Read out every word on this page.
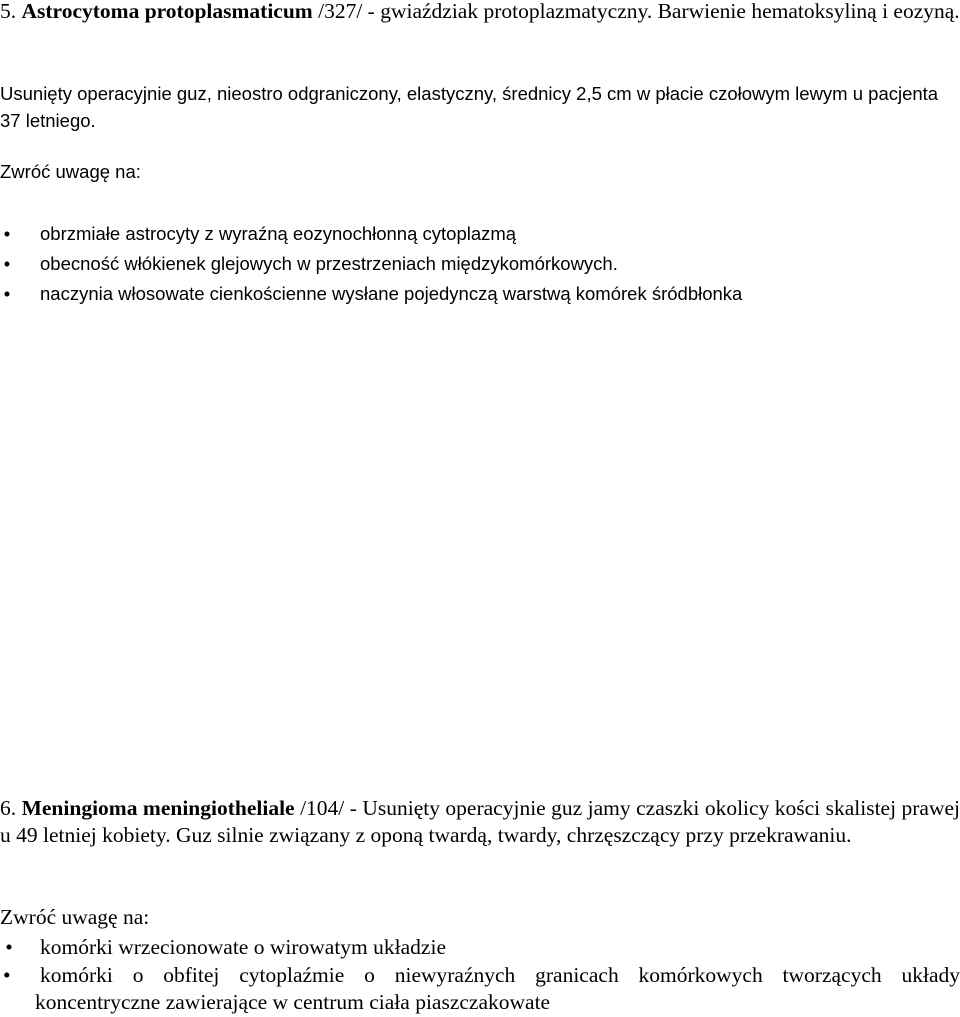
5. Astrocytoma protoplasmaticum /327/ - gwiaździak protoplazmatyczny. Barwienie hematoksyliną i eozyną.

Usunięty operacyjnie guz, nieostro odgraniczony, elastyczny, średnicy 2,5 cm w płacie czołowym lewym u pacjenta 37 letniego.

Zwróć uwagę na:

• obrzmiałe astrocyty z wyraźną eozynochłonną cytoplazmą
• obecność włókienek glejowych w przestrzeniach międzykomórkowych.
• naczynia włosowate cienkościenne wysłane pojedynczą warstwą komórek śródbłonka

6. Meningioma meningiotheliale /104/ - Usunięty operacyjnie guz jamy czaszki okolicy kości skalistej prawej u 49 letniej kobiety. Guz silnie związany z oponą twardą, twardy, chrzęszczący przy przekrawaniu.

Zwróć uwagę na:

• komórki wrzecionowate o wirowatym układzie
•	komórki o obfitej cytoplaźmie o niewyraźnych granicach komórkowych tworzących układy koncentryczne zawierające w centrum ciała piaszczakowate
